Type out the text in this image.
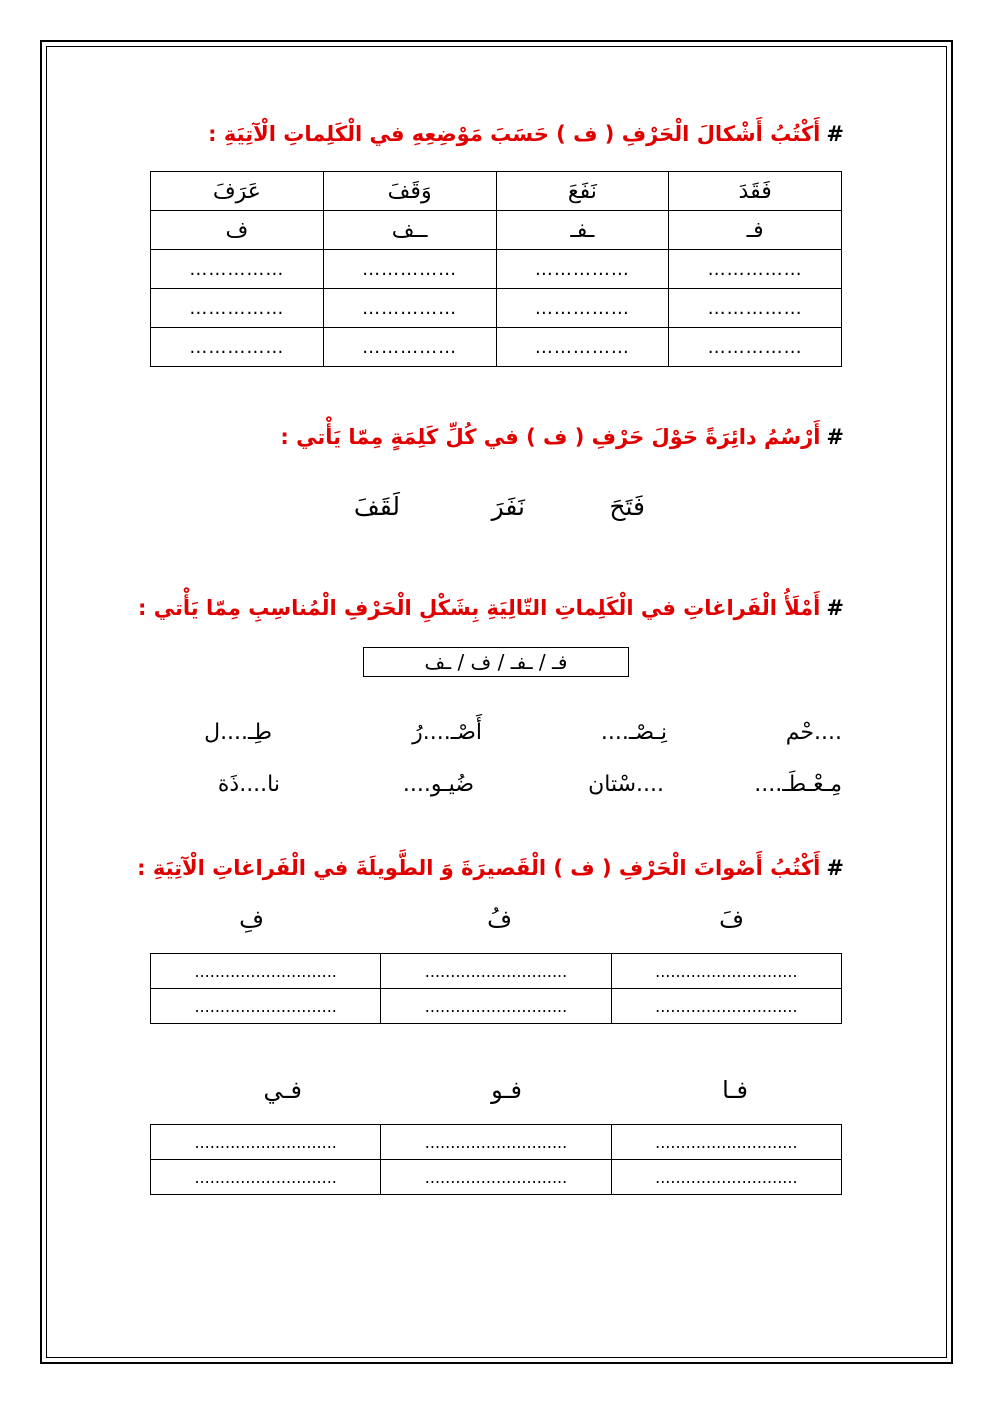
#أَكْتُبُ أَشْكالَ الْحَرْفِ ( ف ) حَسَبَ مَوْضِعِهِ في الْكَلِماتِ الْآتِيَةِ :
فَقَدَ	نَفَعَ	وَقَفَ	عَرَفَ
فـ	ـفـ	ــف	ف
……………	……………	……………	……………
……………	……………	……………	……………
……………	……………	……………	……………
#أَرْسُمُ دائِرَةً حَوْلَ حَرْفِ ( ف ) في كُلِّ كَلِمَةٍ مِمّا يَأْتي :
فَتَحَ
نَفَرَ
لَقَفَ
#أَمْلَأُ الْفَراغاتِ في الْكَلِماتِ التّالِيَةِ بِشَكْلِ الْحَرْفِ الْمُناسِبِ مِمّا يَأْتي :
فـ / ـفـ / ف / ـف
....حْم
نِـصْـ....
أَصْـ....رُ
طِـ....ل
مِـعْـطَـ....
....سْتان
ضُيـو....
نا....ذَة
#أَكْتُبُ أَصْواتَ الْحَرْفِ ( ف ) الْقَصيرَةَ وَ الطَّويلَةَ في الْفَراغاتِ الْآتِيَةِ :
فَ
فُ
فِ
............................	............................	............................
............................	............................	............................
فـا
فـو
فـي
............................	............................	............................
............................	............................	............................
